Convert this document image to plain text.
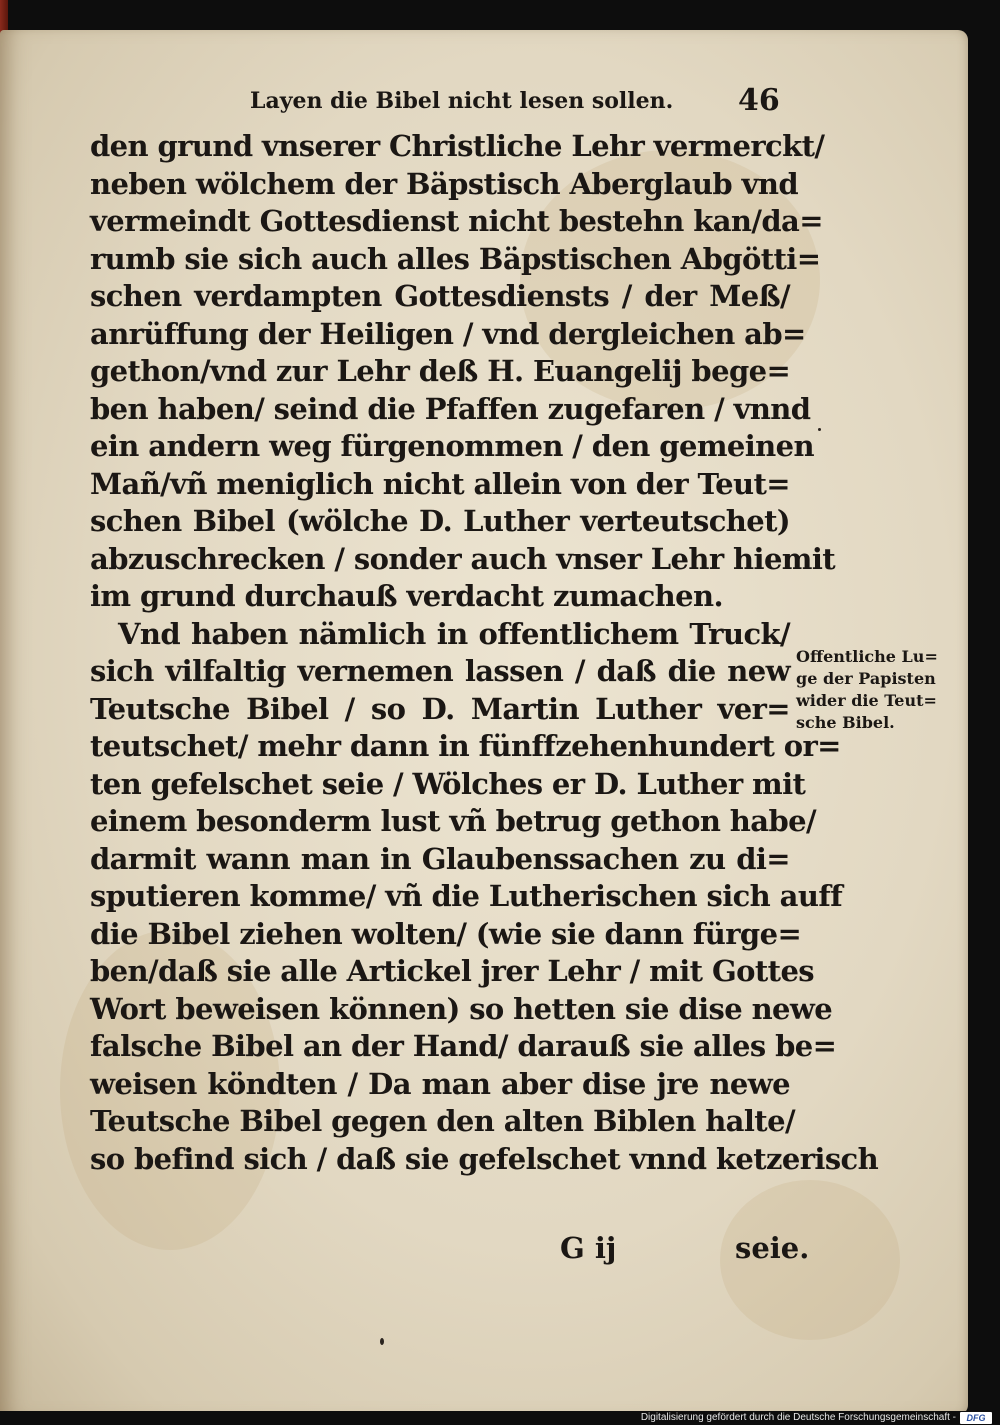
Layen die Bibel nicht lesen sollen. 46
den grund vnserer Christliche Lehr vermerckt/
neben wölchem der Bäpstisch Aberglaub vnd
vermeindt Gottesdienst nicht bestehn kan/da=
rumb sie sich auch alles Bäpstischen Abgötti=
schen verdampten Gottesdiensts / der Meß/
anrüffung der Heiligen / vnd dergleichen ab=
gethon/vnd zur Lehr deß H. Euangelij bege=
ben haben/ seind die Pfaffen zugefaren / vnnd
ein andern weg fürgenommen / den gemeinen
Mañ/vñ meniglich nicht allein von der Teut=
schen Bibel (wölche D. Luther verteutschet)
abzuschrecken / sonder auch vnser Lehr hiemit
im grund durchauß verdacht zumachen.
Vnd haben nämlich in offentlichem Truck/
sich vilfaltig vernemen lassen / daß die new
Teutsche Bibel / so D. Martin Luther ver=
teutschet/ mehr dann in fünffzehenhundert or=
ten gefelschet seie / Wölches er D. Luther mit
einem besonderm lust vñ betrug gethon habe/
darmit wann man in Glaubenssachen zu di=
sputieren komme/ vñ die Lutherischen sich auff
die Bibel ziehen wolten/ (wie sie dann fürge=
ben/daß sie alle Artickel jrer Lehr / mit Gottes
Wort beweisen können) so hetten sie dise newe
falsche Bibel an der Hand/ darauß sie alles be=
weisen köndten / Da man aber dise jre newe
Teutsche Bibel gegen den alten Biblen halte/
so befind sich / daß sie gefelschet vnnd ketzerisch
G ij	seie.
Offentliche Lu=
ge der Papisten
wider die Teut=
sche Bibel.
Digitalisierung gefördert durch die Deutsche Forschungsgemeinschaft -	DFG
